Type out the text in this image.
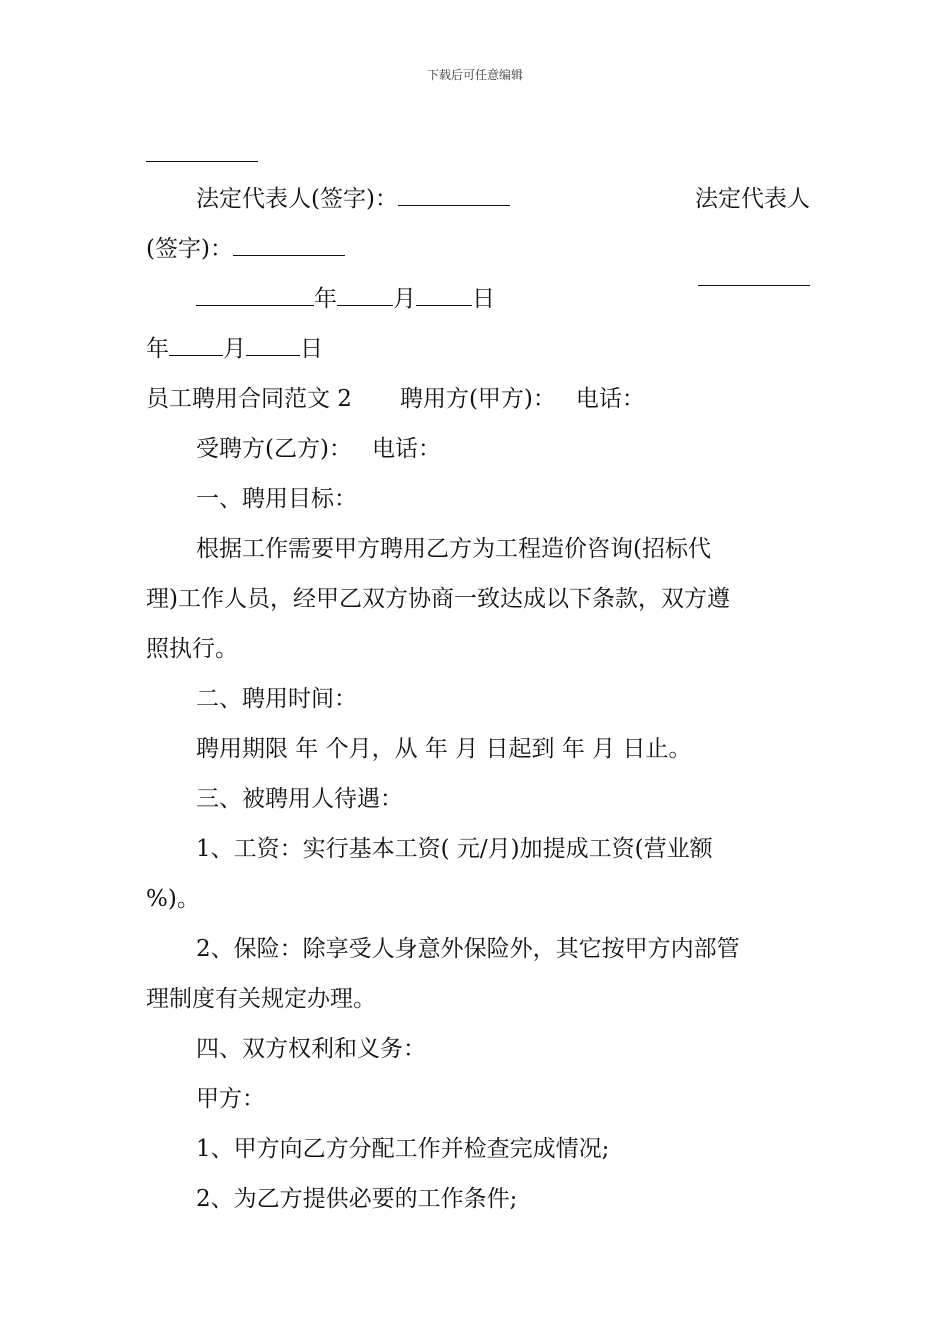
下载后可任意编辑
法定代表人(签字)：	法定代表人
(签字)：
年 月 日
年 月 日
员工聘用合同范文 2 聘用方(甲方)： 电话：
受聘方(乙方)： 电话：
一、聘用目标：
根据工作需要甲方聘用乙方为工程造价咨询(招标代
理)工作人员，经甲乙双方协商一致达成以下条款，双方遵
照执行。
二、聘用时间：
聘用期限 年 个月，从 年 月 日起到 年 月 日止。
三、被聘用人待遇：
1、工资：实行基本工资( 元/月)加提成工资(营业额
%)。
2、保险：除享受人身意外保险外，其它按甲方内部管
理制度有关规定办理。
四、双方权利和义务：
甲方：
1、甲方向乙方分配工作并检查完成情况;
2、为乙方提供必要的工作条件;
